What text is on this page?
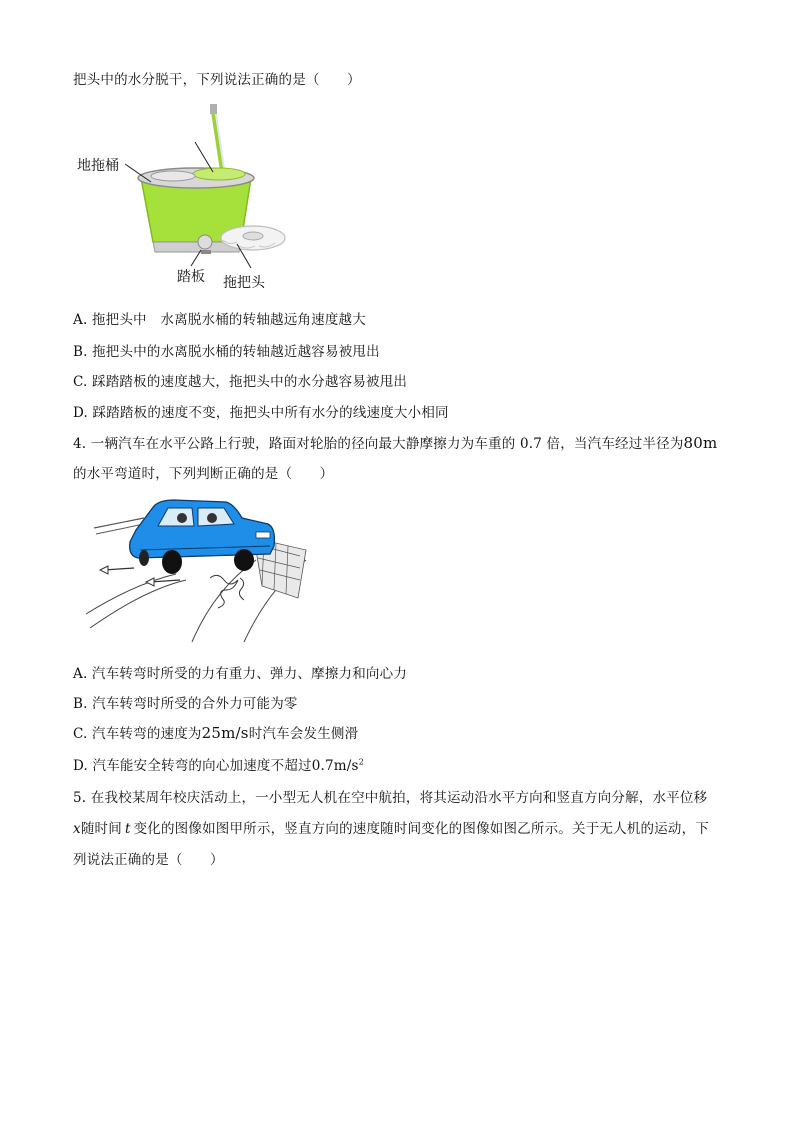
把头中的水分脱干，下列说法正确的是（　　）
地拖桶
踏板 拖把头
A. 拖把头中　水离脱水桶的转轴越远角速度越大
B. 拖把头中的水离脱水桶的转轴越近越容易被甩出
C. 踩踏踏板的速度越大，拖把头中的水分越容易被甩出
D. 踩踏踏板的速度不变，拖把头中所有水分的线速度大小相同
4. 一辆汽车在水平公路上行驶，路面对轮胎的径向最大静摩擦力为车重的 0.7 倍，当汽车经过半径为80m
的水平弯道时，下列判断正确的是（　　）
A. 汽车转弯时所受的力有重力、弹力、摩擦力和向心力
B. 汽车转弯时所受的合外力可能为零
C. 汽车转弯的速度为25m/s时汽车会发生侧滑
D. 汽车能安全转弯的向心加速度不超过$0.7m/s^2$
5. 在我校某周年校庆活动上，一小型无人机在空中航拍，将其运动沿水平方向和竖直方向分解，水平位移
x随时间 t 变化的图像如图甲所示，竖直方向的速度随时间变化的图像如图乙所示。关于无人机的运动，下
列说法正确的是（　　）
